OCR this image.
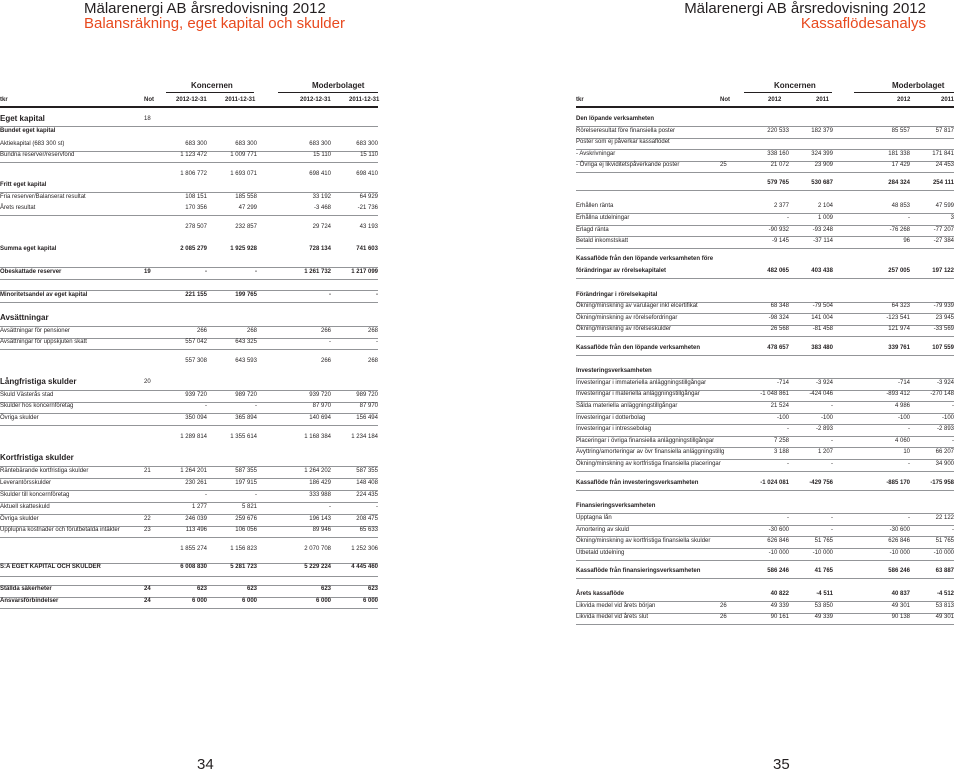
Mälarenergi AB årsredovisning 2012
Balansräkning, eget kapital och skulder
Koncernen	Moderbolaget
tkr	Not	2012-12-31	2011-12-31	2012-12-31	2011-12-31
Eget kapital	18
Bundet eget kapital
Aktiekapital (683 300 st)	683 300	683 300	683 300	683 300
Bundna reserver/reservfond	1 123 472	1 009 771	15 110	15 110
1 806 772	1 693 071	698 410	698 410
Fritt eget kapital
Fria reserver/Balanserat resultat	108 151	185 558	33 192	64 929
Årets resultat	170 356	47 299	-3 468	-21 736
278 507	232 857	29 724	43 193
Summa eget kapital	2 085 279	1 925 928	728 134	741 603
Obeskattade reserver	19	-	-	1 261 732	1 217 099
Minoritetsandel av eget kapital	221 155	199 765	-	-
Avsättningar
Avsättningar för pensioner	266	268	266	268
Avsättningar för uppskjuten skatt	557 042	643 325	-	-
557 308	643 593	266	268
Långfristiga skulder	20
Skuld Västerås stad	939 720	989 720	939 720	989 720
Skulder hos koncernföretag	-	-	87 970	87 970
Övriga skulder	350 094	365 894	140 694	156 494
1 289 814	1 355 614	1 168 384	1 234 184
Kortfristiga skulder
Räntebärande kortfristiga skulder	21	1 264 201	587 355	1 264 202	587 355
Leverantörsskulder	230 261	197 915	186 429	148 408
Skulder till koncernföretag	-	-	333 988	224 435
Aktuell skatteskuld	1 277	5 821	-	-
Övriga skulder	22	246 039	259 676	196 143	208 475
Upplupna kostnader och förutbetalda intäkter	23	113 496	106 056	89 946	65 633
1 855 274	1 156 823	2 070 708	1 252 306
S:A EGET KAPITAL OCH SKULDER	6 008 830	5 281 723	5 229 224	4 445 460
Ställda säkerheter	24	623	623	623	623
Ansvarsförbindelser	24	6 000	6 000	6 000	6 000
34
Mälarenergi AB årsredovisning 2012
Kassaflödesanalys
Koncernen	Moderbolaget
tkr	Not	2012	2011	2012	2011
Den löpande verksamheten
Rörelseresultat före finansiella poster	220 533	182 379	85 557	57 817
Poster som ej påverkar kassaflödet
- Avskrivningar	338 160	324 399	181 338	171 841
- Övriga ej likviditetspåverkande poster	25	21 072	23 909	17 429	24 453
579 765	530 687	284 324	254 111
Erhållen ränta	2 377	2 104	48 853	47 599
Erhållna utdelningar	-	1 009	-	3
Erlagd ränta	-90 932	-93 248	-76 268	-77 207
Betald inkomstskatt	-9 145	-37 114	96	-27 384
Kassaflöde från den löpande verksamheten före
förändringar av rörelsekapitalet	482 065	403 438	257 005	197 122
Förändringar i rörelsekapital
Ökning/minskning av varulager inkl elcertifikat	68 348	-79 504	64 323	-79 939
Ökning/minskning av rörelsefordringar	-98 324	141 004	-123 541	23 945
Ökning/minskning av rörelseskulder	26 568	-81 458	121 974	-33 569
Kassaflöde från den löpande verksamheten	478 657	383 480	339 761	107 559
Investeringsverksamheten
Investeringar i immateriella anläggningstillgångar	-714	-3 924	-714	-3 924
Investeringar i materiella anläggningstillgångar	-1 048 861	-424 046	-893 412	-270 148
Sålda materiella anläggningstillgångar	21 524	-	4 986	-
Investeringar i dotterbolag	-100	-100	-100	-100
Investeringar i intressebolag	-	-2 893	-	-2 893
Placeringar i övriga finansiella anläggningstillgångar	7 258	-	4 060	-
Avyttring/amorteringar av övr finansiella anläggningstillg	3 188	1 207	10	66 207
Ökning/minskning av kortfristiga finansiella placeringar	-	-	-	34 900
Kassaflöde från investeringsverksamheten	-1 024 081	-429 756	-885 170	-175 958
Finansieringsverksamheten
Upptagna lån	-	-	-	22 122
Amortering av skuld	-30 600	-	-30 600	-
Ökning/minskning av kortfristiga finansiella skulder	626 846	51 765	626 846	51 765
Utbetald utdelning	-10 000	-10 000	-10 000	-10 000
Kassaflöde från finansieringsverksamheten	586 246	41 765	586 246	63 887
Årets kassaflöde	40 822	-4 511	40 837	-4 512
Likvida medel vid årets början	26	49 339	53 850	49 301	53 813
Likvida medel vid årets slut	26	90 161	49 339	90 138	49 301
35
